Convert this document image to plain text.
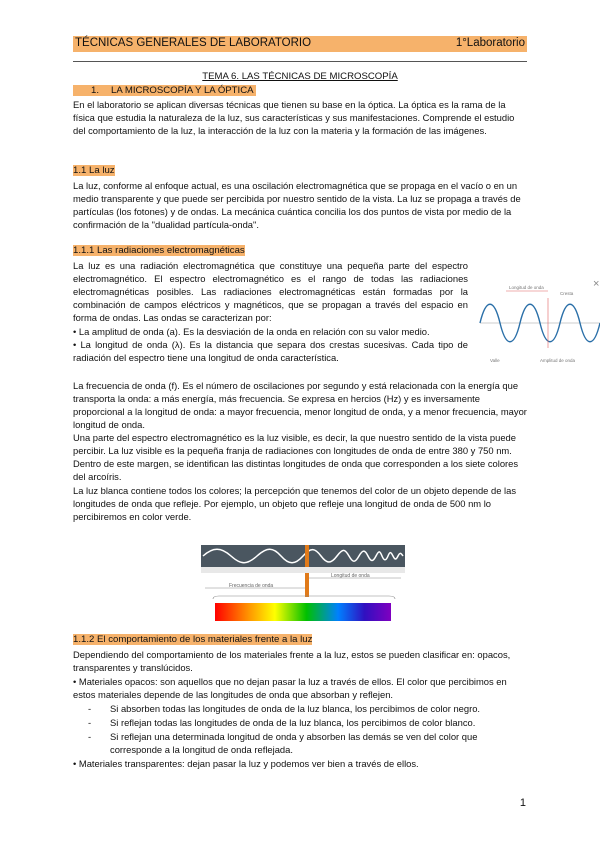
TÉCNICAS GENERALES DE LABORATORIO	1°Laboratorio
TEMA 6. LAS TÉCNICAS DE MICROSCOPÍA
1. LA MICROSCOPÍA Y LA ÓPTICA

En el laboratorio se aplican diversas técnicas que tienen su base en la óptica. La óptica es la rama de la física que estudia la naturaleza de la luz, sus características y sus manifestaciones. Comprende el estudio del comportamiento de la luz, la interacción de la luz con la materia y la formación de las imágenes.

1.1 La luz

La luz, conforme al enfoque actual, es una oscilación electromagnética que se propaga en el vacío o en un medio transparente y que puede ser percibida por nuestro sentido de la vista. La luz se propaga a través de partículas (los fotones) y de ondas. La mecánica cuántica concilia los dos puntos de vista por medio de la confirmación de la "dualidad partícula-onda".

1.1.1 Las radiaciones electromagnéticas

La luz es una radiación electromagnética que constituye una pequeña parte del espectro electromagnético. El espectro electromagnético es el rango de todas las radiaciones electromagnéticas posibles. Las radiaciones electromagnéticas están formadas por la combinación de campos eléctricos y magnéticos, que se propagan a través del espacio en forma de ondas. Las ondas se caracterizan por:

• La amplitud de onda (a). Es la desviación de la onda en relación con su valor medio.

• La longitud de onda (λ). Es la distancia que separa dos crestas sucesivas. Cada tipo de radiación del espectro tiene una longitud de onda característica.

×
Longitud de onda
Cresta
Valle	Amplitud de onda

La frecuencia de onda (f). Es el número de oscilaciones por segundo y está relacionada con la energía que transporta la onda: a más energía, más frecuencia. Se expresa en hercios (Hz) y es inversamente proporcional a la longitud de onda: a mayor frecuencia, menor longitud de onda, y a menor frecuencia, mayor longitud de onda.

Una parte del espectro electromagnético es la luz visible, es decir, la que nuestro sentido de la vista puede percibir. La luz visible es la pequeña franja de radiaciones con longitudes de onda de entre 380 y 750 nm. Dentro de este margen, se identifican las distintas longitudes de onda que corresponden a los siete colores del arcoíris.

La luz blanca contiene todos los colores; la percepción que tenemos del color de un objeto depende de las longitudes de onda que refleje. Por ejemplo, un objeto que refleje una longitud de onda de 500 nm lo percibiremos en color verde.

Longitud de onda
Frecuencia de onda
1.1.2 El comportamiento de los materiales frente a la luz

Dependiendo del comportamiento de los materiales frente a la luz, estos se pueden clasificar en: opacos, transparentes y translúcidos.

• Materiales opacos: son aquellos que no dejan pasar la luz a través de ellos. El color que percibimos en estos materiales depende de las longitudes de onda que absorban y reflejen.

- Si absorben todas las longitudes de onda de la luz blanca, los percibimos de color negro.

- Si reflejan todas las longitudes de onda de la luz blanca, los percibimos de color blanco.

- Si reflejan una determinada longitud de onda y absorben las demás se ven del color que corresponde a la longitud de onda reflejada.

• Materiales transparentes: dejan pasar la luz y podemos ver bien a través de ellos.

1
